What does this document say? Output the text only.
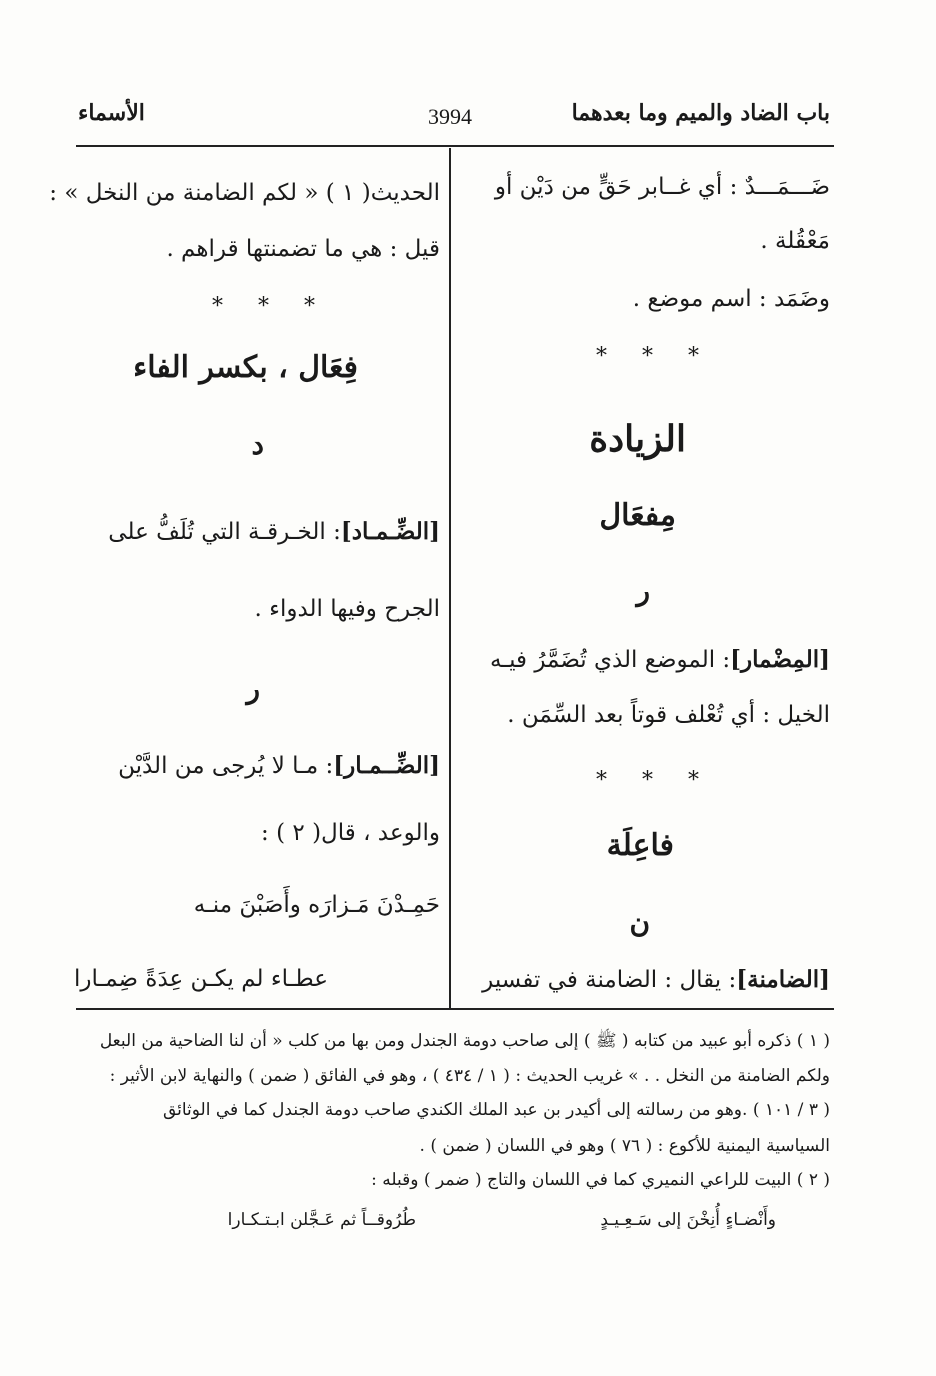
باب الضاد والميم وما بعدهما
3994
الأسماء
ضَـــمَـــدٌ : أي غــابر حَقٍّ من دَيْن أو
مَعْقُلة .
وضَمَد : اسم موضع .
* * *
الزيادة
مِفعَال
ر
[المِضْمار]: الموضع الذي تُضَمَّرُ فيـه
الخيل : أي تُعْلف قوتاً بعد السِّمَن .
* * *
فاعِلَة
ن
[الضامنة]: يقال : الضامنة في تفسير
الحديث( ١ ) « لكم الضامنة من النخل » :
قيل : هي ما تضمنتها قراهم .
* * *
فِعَال ، بكسر الفاء
د
[الضِّـمـاد]: الخـرقـة التي تُلَفُّ على
الجرح وفيها الدواء .
ر
[الضِّــمـار]: مـا لا يُرجى من الدَّيْن
والوعد ، قال( ٢ ) :
حَمِـدْنَ مَـزارَه وأَصَبْنَ منـه
عطـاء لم يكـن عِدَةً ضِمـارا
( ١ ) ذكره أبو عبيد من كتابه ( ﷺ ) إلى صاحب دومة الجندل ومن بها من كلب « أن لنا الضاحية من البعل
ولكم الضامنة من النخل . . » غريب الحديث : ( ١ / ٤٣٤ ) ، وهو في الفائق ( ضمن ) والنهاية لابن الأثير :
( ٣ / ١٠١ ) .وهو من رسالته إلى أكيدر بن عبد الملك الكندي صاحب دومة الجندل كما في الوثائق
السياسية اليمنية للأكوع : ( ٧٦ ) وهو في اللسان ( ضمن ) .
( ٢ ) البيت للراعي النميري كما في اللسان والتاج ( ضمر ) وقبله :
وأَنْضـاءٍ أُنِخْنَ إلى سَـعِـيـدٍ
طُرُوقــاً ثم عَـجَّلن ابـتـكـارا
